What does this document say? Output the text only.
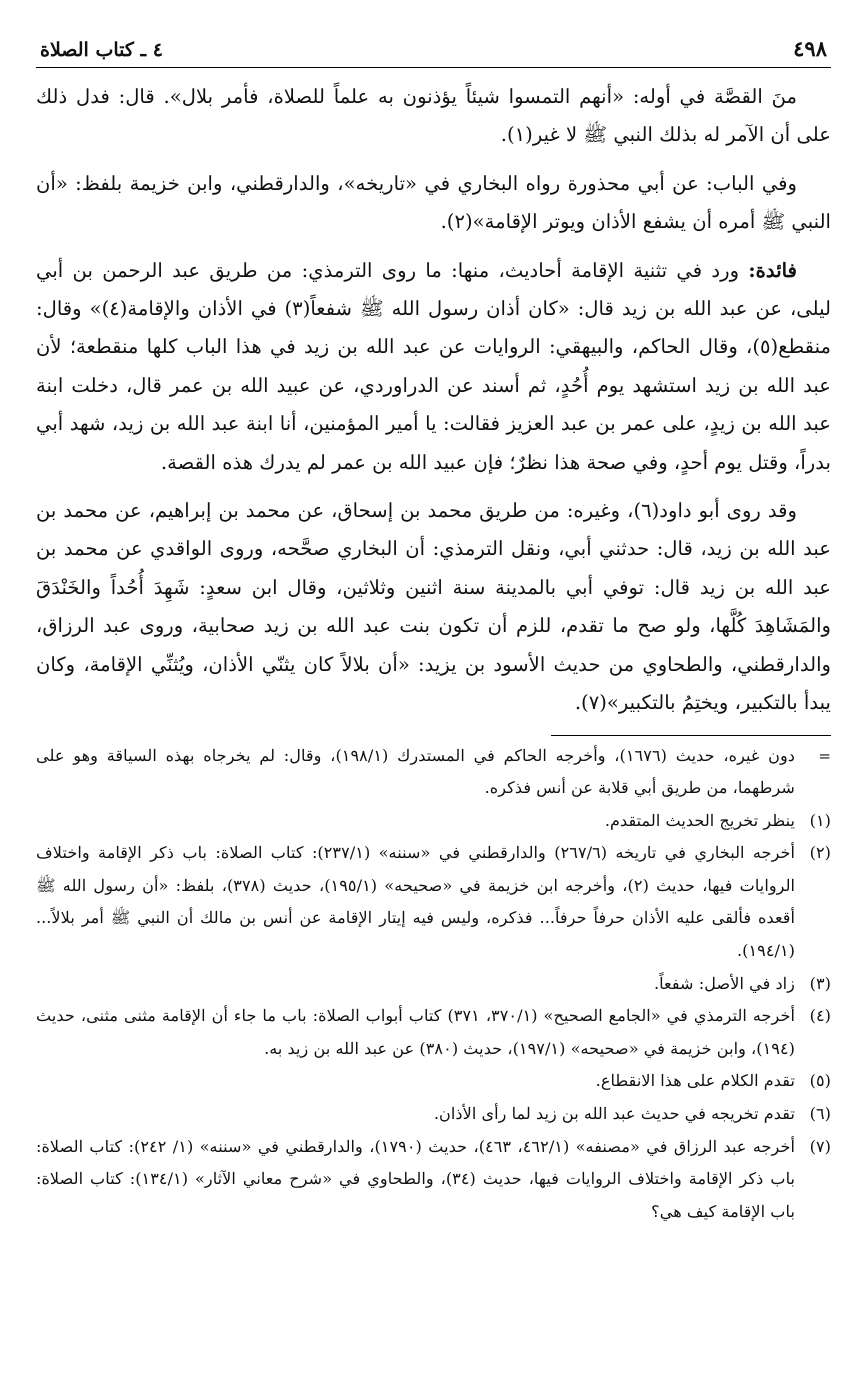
٤٩٨
٤ ـ كتاب الصلاة

منَ القصَّة في أوله: «أنهم التمسوا شيئاً يؤذنون به علماً للصلاة، فأمر بلال». قال: فدل ذلك على أن الآمر له بذلك النبي ﷺ لا غير(١).

وفي الباب: عن أبي محذورة رواه البخاري في «تاريخه»، والدارقطني، وابن خزيمة بلفظ: «أن النبي ﷺ أمره أن يشفع الأذان ويوتر الإقامة»(٢).

فائدة: ورد في تثنية الإقامة أحاديث، منها: ما روى الترمذي: من طريق عبد الرحمن بن أبي ليلى، عن عبد الله بن زيد قال: «كان أذان رسول الله ﷺ شفعاً(٣) في الأذان والإقامة(٤)» وقال: منقطع(٥)، وقال الحاكم، والبيهقي: الروايات عن عبد الله بن زيد في هذا الباب كلها منقطعة؛ لأن عبد الله بن زيد استشهد يوم أُحُدٍ، ثم أسند عن الدراوردي، عن عبيد الله بن عمر قال، دخلت ابنة عبد الله بن زيدٍ، على عمر بن عبد العزيز فقالت: يا أمير المؤمنين، أنا ابنة عبد الله بن زيد، شهد أبي بدراً، وقتل يوم أحدٍ، وفي صحة هذا نظرٌ؛ فإن عبيد الله بن عمر لم يدرك هذه القصة.

وقد روى أبو داود(٦)، وغيره: من طريق محمد بن إسحاق، عن محمد بن إبراهيم، عن محمد بن عبد الله بن زيد، قال: حدثني أبي، ونقل الترمذي: أن البخاري صحَّحه، وروى الواقدي عن محمد بن عبد الله بن زيد قال: توفي أبي بالمدينة سنة اثنين وثلاثين، وقال ابن سعدٍ: شَهِدَ أُحُداً والخَنْدَقَ والمَشَاهِدَ كُلَّها، ولو صح ما تقدم، للزم أن تكون بنت عبد الله بن زيد صحابية، وروى عبد الرزاق، والدارقطني، والطحاوي من حديث الأسود بن يزيد: «أن بلالاً كان يثنّي الأذان، ويُثنِّي الإقامة، وكان يبدأ بالتكبير، ويختِمُ بالتكبير»(٧).

=
دون غيره، حديث (١٦٧٦)، وأخرجه الحاكم في المستدرك (١٩٨/١)، وقال: لم يخرجاه بهذه السياقة وهو على شرطهما، من طريق أبي قلابة عن أنس فذكره.
(١)
ينظر تخريج الحديث المتقدم.
(٢)
أخرجه البخاري في تاريخه (٢٦٧/٦) والدارقطني في «سننه» (٢٣٧/١): كتاب الصلاة: باب ذكر الإقامة واختلاف الروايات فيها، حديث (٢)، وأخرجه ابن خزيمة في «صحيحه» (١٩٥/١)، حديث (٣٧٨)، بلفظ: «أن رسول الله ﷺ أقعده فألقى عليه الأذان حرفاً حرفاً... فذكره، وليس فيه إيتار الإقامة عن أنس بن مالك أن النبي ﷺ أمر بلالاً... (١٩٤/١).
(٣)
زاد في الأصل: شفعاً.
(٤)
أخرجه الترمذي في «الجامع الصحيح» (٣٧٠/١، ٣٧١) كتاب أبواب الصلاة: باب ما جاء أن الإقامة مثنى مثنى، حديث (١٩٤)، وابن خزيمة في «صحيحه» (١٩٧/١)، حديث (٣٨٠) عن عبد الله بن زيد به.
(٥)
تقدم الكلام على هذا الانقطاع.
(٦)
تقدم تخريجه في حديث عبد الله بن زيد لما رأى الأذان.
(٧)
أخرجه عبد الرزاق في «مصنفه» (٤٦٢/١، ٤٦٣)، حديث (١٧٩٠)، والدارقطني في «سننه» (١/ ٢٤٢): كتاب الصلاة: باب ذكر الإقامة واختلاف الروايات فيها، حديث (٣٤)، والطحاوي في «شرح معاني الآثار» (١٣٤/١): كتاب الصلاة: باب الإقامة كيف هي؟
